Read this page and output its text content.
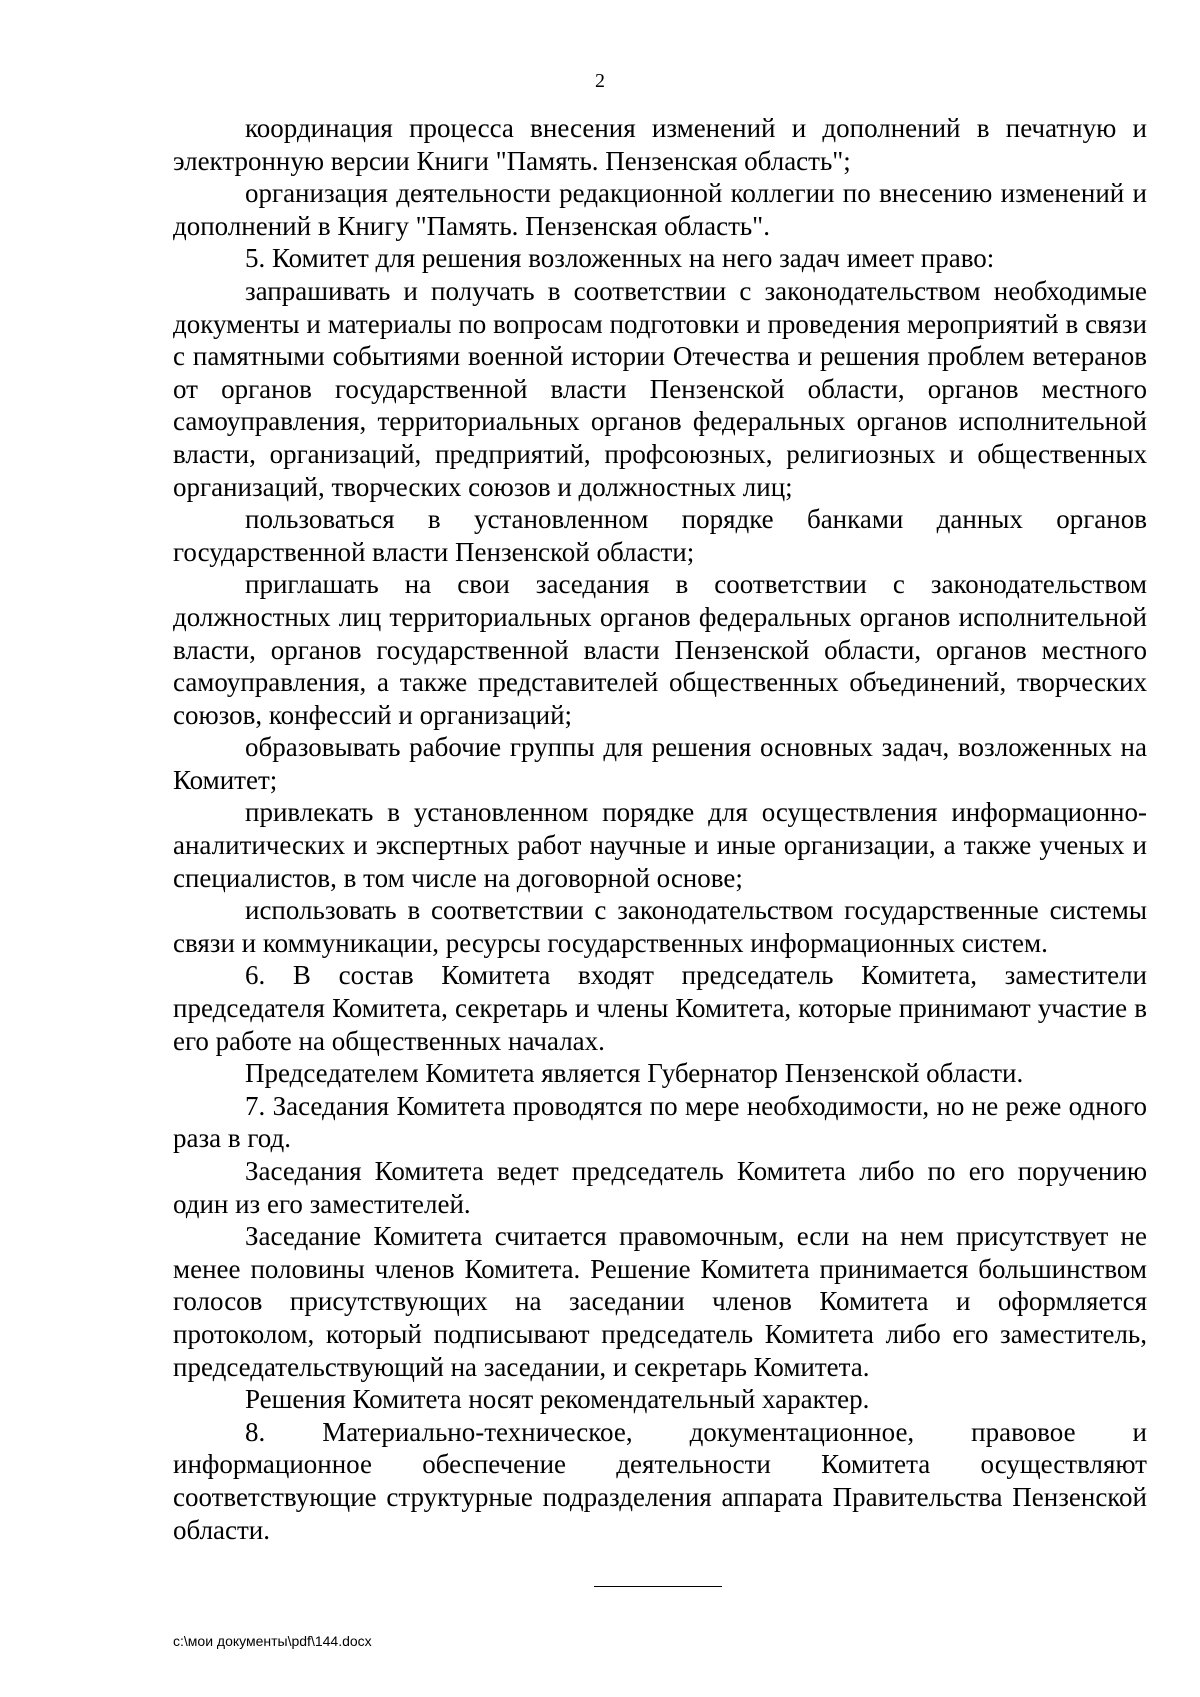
2

координация процесса внесения изменений и дополнений в печатную и электронную версии Книги "Память. Пензенская область";

организация деятельности редакционной коллегии по внесению изменений и дополнений в Книгу "Память. Пензенская область".

5. Комитет для решения возложенных на него задач имеет право:

запрашивать и получать в соответствии с законодательством необходимые документы и материалы по вопросам подготовки и проведения мероприятий в связи с памятными событиями военной истории Отечества и решения проблем ветеранов от органов государственной власти Пензенской области, органов местного самоуправления, территориальных органов федеральных органов исполнительной власти, организаций, предприятий, профсоюзных, религиозных и общественных организаций, творческих союзов и должностных лиц;

пользоваться в установленном порядке банками данных органов государственной власти Пензенской области;

приглашать на свои заседания в соответствии с законодательством должностных лиц территориальных органов федеральных органов исполнительной власти, органов государственной власти Пензенской области, органов местного самоуправления, а также представителей общественных объединений, творческих союзов, конфессий и организаций;

образовывать рабочие группы для решения основных задач, возложенных на Комитет;

привлекать в установленном порядке для осуществления информационно-аналитических и экспертных работ научные и иные организации, а также ученых и специалистов, в том числе на договорной основе;

использовать в соответствии с законодательством государственные системы связи и коммуникации, ресурсы государственных информационных систем.

6. В состав Комитета входят председатель Комитета, заместители председателя Комитета, секретарь и члены Комитета, которые принимают участие в его работе на общественных началах.

Председателем Комитета является Губернатор Пензенской области.

7. Заседания Комитета проводятся по мере необходимости, но не реже одного раза в год.

Заседания Комитета ведет председатель Комитета либо по его поручению один из его заместителей.

Заседание Комитета считается правомочным, если на нем присутствует не менее половины членов Комитета. Решение Комитета принимается большинством голосов присутствующих на заседании членов Комитета и оформляется протоколом, который подписывают председатель Комитета либо его заместитель, председательствующий на заседании, и секретарь Комитета.

Решения Комитета носят рекомендательный характер.

8. Материально-техническое, документационное, правовое и информационное обеспечение деятельности Комитета осуществляют соответствующие структурные подразделения аппарата Правительства Пензенской области.

c:\мои документы\pdf\144.docx
